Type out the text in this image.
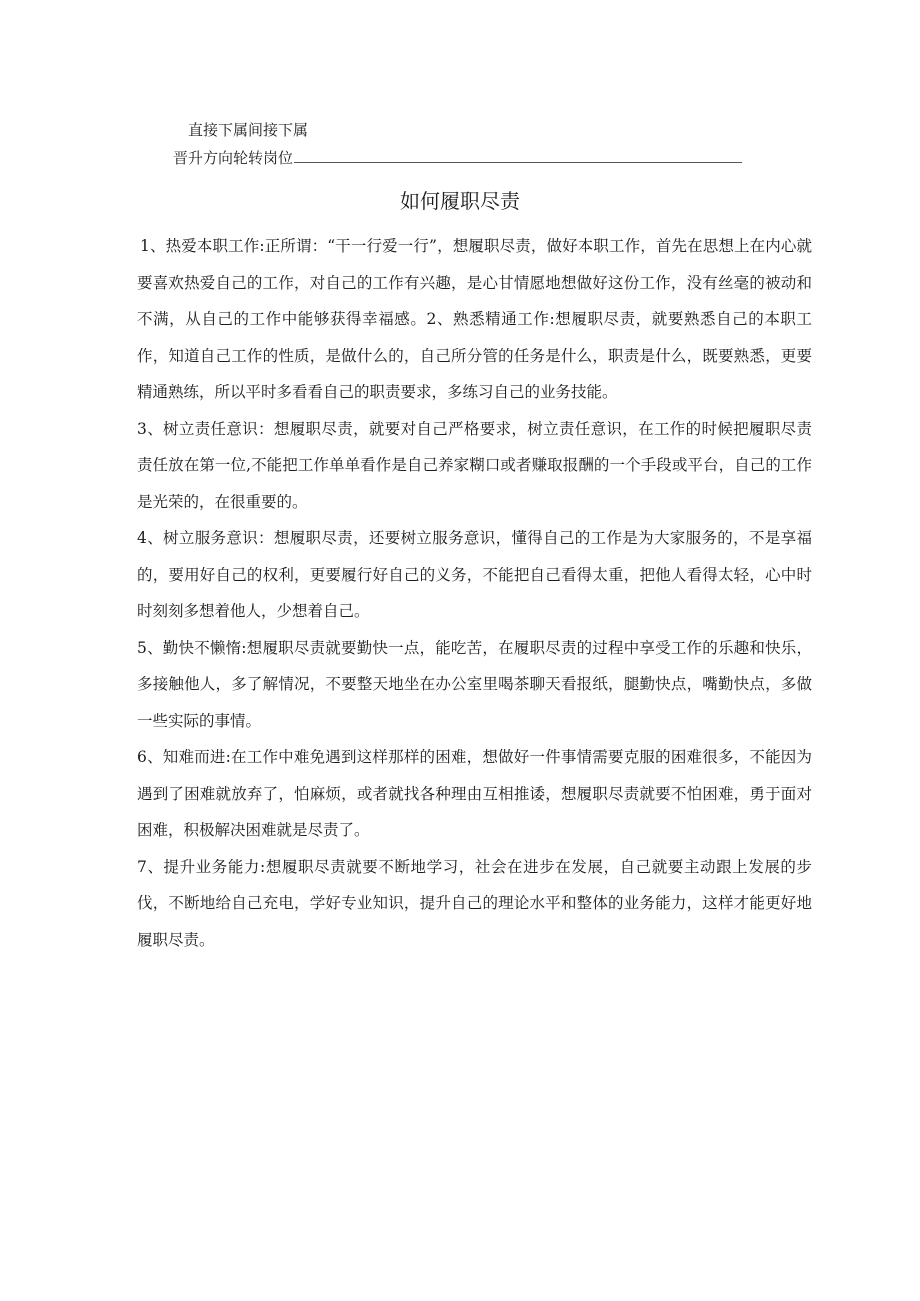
直接下属间接下属
晋升方向轮转岗位
如何履职尽责

1、热爱本职工作:正所谓：“干一行爱一行”，想履职尽责，做好本职工作，首先在思想上在内心就要喜欢热爱自己的工作，对自己的工作有兴趣，是心甘情愿地想做好这份工作，没有丝毫的被动和不满，从自己的工作中能够获得幸福感。2、熟悉精通工作:想履职尽责，就要熟悉自己的本职工作，知道自己工作的性质，是做什么的，自己所分管的任务是什么，职责是什么，既要熟悉，更要精通熟练，所以平时多看看自己的职责要求，多练习自己的业务技能。

3、树立责任意识：想履职尽责，就要对自己严格要求，树立责任意识，在工作的时候把履职尽责责任放在第一位,不能把工作单单看作是自己养家糊口或者赚取报酬的一个手段或平台，自己的工作是光荣的，在很重要的。

4、树立服务意识：想履职尽责，还要树立服务意识，懂得自己的工作是为大家服务的，不是享福的，要用好自己的权利，更要履行好自己的义务，不能把自己看得太重，把他人看得太轻，心中时时刻刻多想着他人，少想着自己。

5、勤快不懒惰:想履职尽责就要勤快一点，能吃苦，在履职尽责的过程中享受工作的乐趣和快乐，多接触他人，多了解情况，不要整天地坐在办公室里喝茶聊天看报纸，腿勤快点，嘴勤快点，多做一些实际的事情。

6、知难而进:在工作中难免遇到这样那样的困难，想做好一件事情需要克服的困难很多，不能因为遇到了困难就放弃了，怕麻烦，或者就找各种理由互相推诿，想履职尽责就要不怕困难，勇于面对困难，积极解决困难就是尽责了。

7、提升业务能力:想履职尽责就要不断地学习，社会在进步在发展，自己就要主动跟上发展的步伐，不断地给自己充电，学好专业知识，提升自己的理论水平和整体的业务能力，这样才能更好地履职尽责。
